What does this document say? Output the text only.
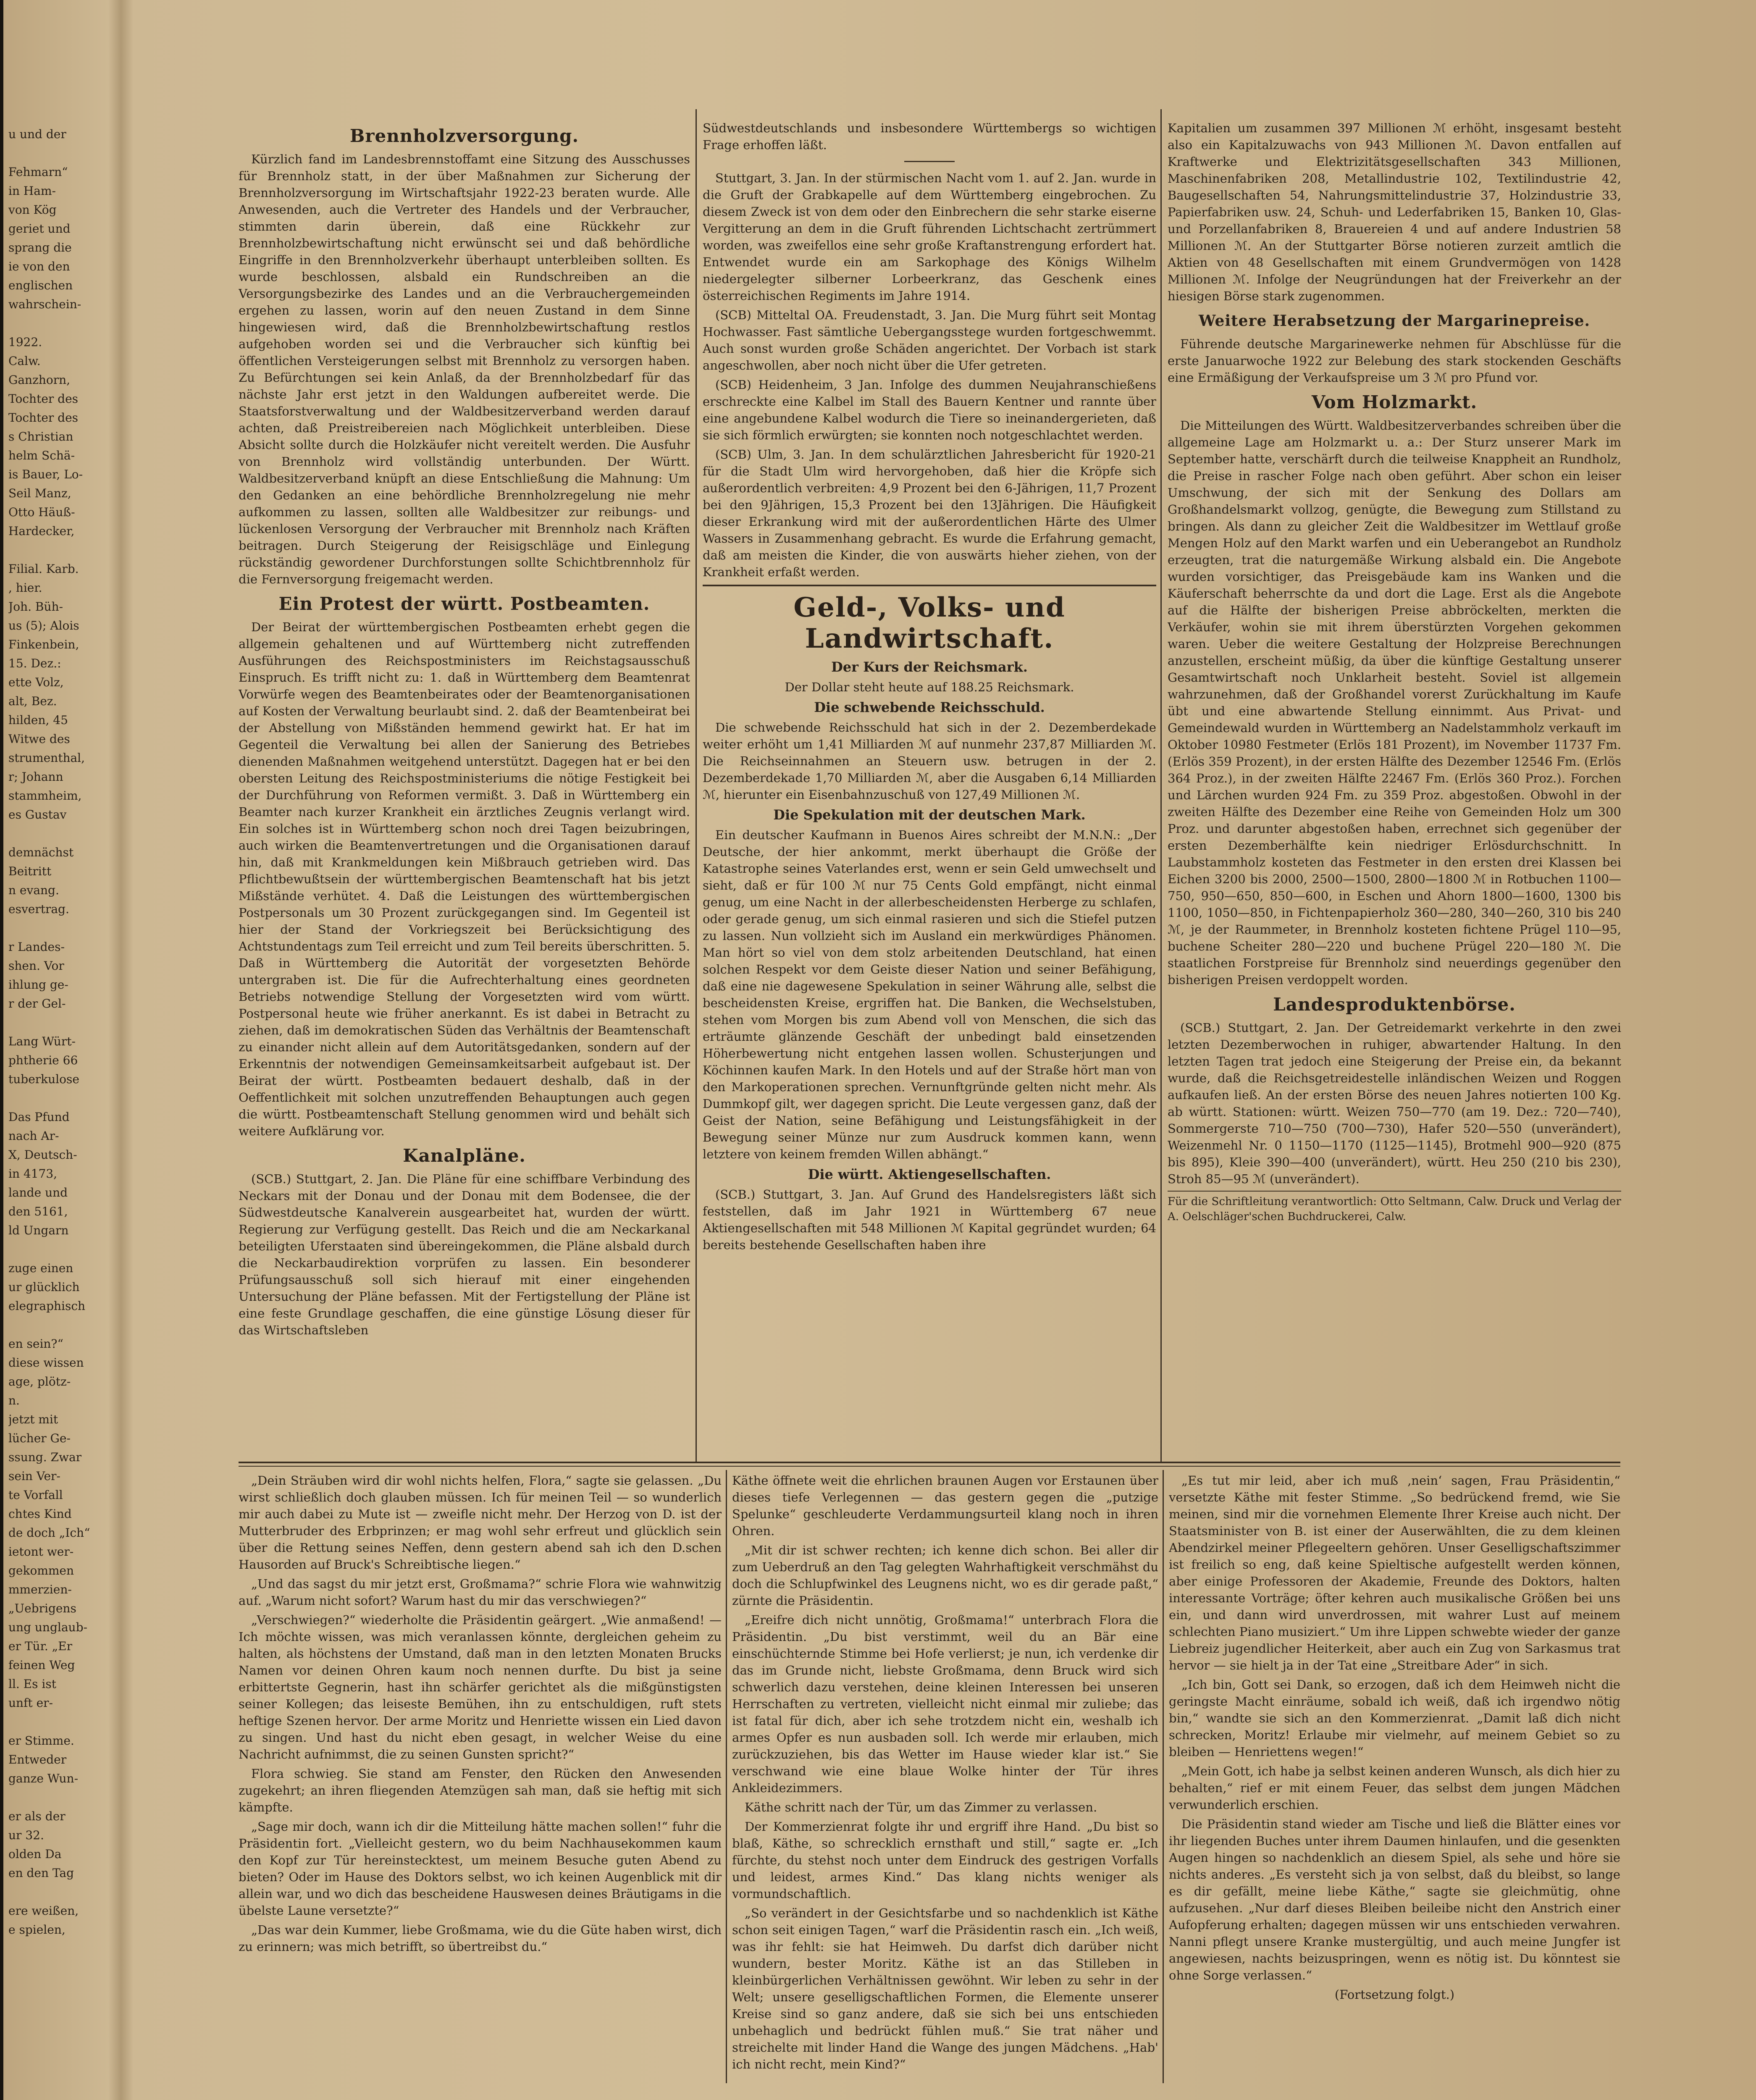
u und der

Fehmarn“

in Ham-

von Kög

geriet und

sprang die

ie von den

englischen

wahrschein-

1922.

Calw.

Ganzhorn,

Tochter des

Tochter des

s Christian

helm Schä-

is Bauer, Lo-

Seil Manz,

Otto Häuß-

Hardecker,

Filial. Karb.

, hier.

Joh. Büh-

us (5); Alois

Finkenbein,

15. Dez.:

ette Volz,

alt, Bez.

hilden, 45

Witwe des

strumenthal,

r; Johann

stammheim,

es Gustav

demnächst

Beitritt

n evang.

esvertrag.

r Landes-

shen. Vor

ihlung ge-

r der Gel-

Lang Würt-

phtherie 66

tuberkulose

Das Pfund

nach Ar-

X, Deutsch-

in 4173,

lande und

den 5161,

ld Ungarn

zuge einen

ur glücklich

elegraphisch

en sein?“

diese wissen

age, plötz-

n.

jetzt mit

lücher Ge-

ssung. Zwar

sein Ver-

te Vorfall

chtes Kind

de doch „Ich“

ietont wer-

gekommen

mmerzien-

„Uebrigens

ung unglaub-

er Tür. „Er

feinen Weg

ll. Es ist

unft er-

er Stimme.

Entweder

ganze Wun-

er als der

ur 32.

olden Da

en den Tag

ere weißen,

e spielen,

Brennholzversorgung.

Kürzlich fand im Landesbrennstoffamt eine Sitzung des Ausschusses für Brennholz statt, in der über Maßnahmen zur Sicherung der Brennholzversorgung im Wirtschaftsjahr 1922-23 beraten wurde. Alle Anwesenden, auch die Vertreter des Handels und der Verbraucher, stimmten darin überein, daß eine Rückkehr zur Brennholzbewirtschaftung nicht erwünscht sei und daß behördliche Eingriffe in den Brennholzverkehr überhaupt unterbleiben sollten. Es wurde beschlossen, alsbald ein Rundschreiben an die Versorgungsbezirke des Landes und an die Verbrauchergemeinden ergehen zu lassen, worin auf den neuen Zustand in dem Sinne hingewiesen wird, daß die Brennholzbewirtschaftung restlos aufgehoben worden sei und die Verbraucher sich künftig bei öffentlichen Versteigerungen selbst mit Brennholz zu versorgen haben. Zu Befürchtungen sei kein Anlaß, da der Brennholzbedarf für das nächste Jahr erst jetzt in den Waldungen aufbereitet werde. Die Staatsforstverwaltung und der Waldbesitzerverband werden darauf achten, daß Preistreibereien nach Möglichkeit unterbleiben. Diese Absicht sollte durch die Holzkäufer nicht vereitelt werden. Die Ausfuhr von Brennholz wird vollständig unterbunden. Der Württ. Waldbesitzerverband knüpft an diese Entschließung die Mahnung: Um den Gedanken an eine behördliche Brennholzregelung nie mehr aufkommen zu lassen, sollten alle Waldbesitzer zur reibungs- und lückenlosen Versorgung der Verbraucher mit Brennholz nach Kräften beitragen. Durch Steigerung der Reisigschläge und Einlegung rückständig gewordener Durchforstungen sollte Schichtbrennholz für die Fernversorgung freigemacht werden.

Ein Protest der württ. Postbeamten.

Der Beirat der württembergischen Postbeamten erhebt gegen die allgemein gehaltenen und auf Württemberg nicht zutreffenden Ausführungen des Reichspostministers im Reichstagsausschuß Einspruch. Es trifft nicht zu: 1. daß in Württemberg dem Beamtenrat Vorwürfe wegen des Beamtenbeirates oder der Beamtenorganisationen auf Kosten der Verwaltung beurlaubt sind. 2. daß der Beamtenbeirat bei der Abstellung von Mißständen hemmend gewirkt hat. Er hat im Gegenteil die Verwaltung bei allen der Sanierung des Betriebes dienenden Maßnahmen weitgehend unterstützt. Dagegen hat er bei den obersten Leitung des Reichspostministeriums die nötige Festigkeit bei der Durchführung von Reformen vermißt. 3. Daß in Württemberg ein Beamter nach kurzer Krankheit ein ärztliches Zeugnis verlangt wird. Ein solches ist in Württemberg schon noch drei Tagen beizubringen, auch wirken die Beamtenvertretungen und die Organisationen darauf hin, daß mit Krankmeldungen kein Mißbrauch getrieben wird. Das Pflichtbewußtsein der württembergischen Beamtenschaft hat bis jetzt Mißstände verhütet. 4. Daß die Leistungen des württembergischen Postpersonals um 30 Prozent zurückgegangen sind. Im Gegenteil ist hier der Stand der Vorkriegszeit bei Berücksichtigung des Achtstundentags zum Teil erreicht und zum Teil bereits überschritten. 5. Daß in Württemberg die Autorität der vorgesetzten Behörde untergraben ist. Die für die Aufrechterhaltung eines geordneten Betriebs notwendige Stellung der Vorgesetzten wird vom württ. Postpersonal heute wie früher anerkannt. Es ist dabei in Betracht zu ziehen, daß im demokratischen Süden das Verhältnis der Beamtenschaft zu einander nicht allein auf dem Autoritätsgedanken, sondern auf der Erkenntnis der notwendigen Gemeinsamkeitsarbeit aufgebaut ist. Der Beirat der württ. Postbeamten bedauert deshalb, daß in der Oeffentlichkeit mit solchen unzutreffenden Behauptungen auch gegen die württ. Postbeamtenschaft Stellung genommen wird und behält sich weitere Aufklärung vor.

Kanalpläne.

(SCB.) Stuttgart, 2. Jan. Die Pläne für eine schiffbare Verbindung des Neckars mit der Donau und der Donau mit dem Bodensee, die der Südwestdeutsche Kanalverein ausgearbeitet hat, wurden der württ. Regierung zur Verfügung gestellt. Das Reich und die am Neckarkanal beteiligten Uferstaaten sind übereingekommen, die Pläne alsbald durch die Neckarbaudirektion vorprüfen zu lassen. Ein besonderer Prüfungsausschuß soll sich hierauf mit einer eingehenden Untersuchung der Pläne befassen. Mit der Fertigstellung der Pläne ist eine feste Grundlage geschaffen, die eine günstige Lösung dieser für das Wirtschaftsleben

Südwestdeutschlands und insbesondere Württembergs so wichtigen Frage erhoffen läßt.

Stuttgart, 3. Jan. In der stürmischen Nacht vom 1. auf 2. Jan. wurde in die Gruft der Grabkapelle auf dem Württemberg eingebrochen. Zu diesem Zweck ist von dem oder den Einbrechern die sehr starke eiserne Vergitterung an dem in die Gruft führenden Lichtschacht zertrümmert worden, was zweifellos eine sehr große Kraftanstrengung erfordert hat. Entwendet wurde ein am Sarkophage des Königs Wilhelm niedergelegter silberner Lorbeerkranz, das Geschenk eines österreichischen Regiments im Jahre 1914.

(SCB) Mitteltal OA. Freudenstadt, 3. Jan. Die Murg führt seit Montag Hochwasser. Fast sämtliche Uebergangsstege wurden fortgeschwemmt. Auch sonst wurden große Schäden angerichtet. Der Vorbach ist stark angeschwollen, aber noch nicht über die Ufer getreten.

(SCB) Heidenheim, 3 Jan. Infolge des dummen Neujahranschießens erschreckte eine Kalbel im Stall des Bauern Kentner und rannte über eine angebundene Kalbel wodurch die Tiere so ineinandergerieten, daß sie sich förmlich erwürgten; sie konnten noch notgeschlachtet werden.

(SCB) Ulm, 3. Jan. In dem schulärztlichen Jahresbericht für 1920-21 für die Stadt Ulm wird hervorgehoben, daß hier die Kröpfe sich außerordentlich verbreiten: 4,9 Prozent bei den 6-Jährigen, 11,7 Prozent bei den 9Jährigen, 15,3 Prozent bei den 13Jährigen. Die Häufigkeit dieser Erkrankung wird mit der außerordentlichen Härte des Ulmer Wassers in Zusammenhang gebracht. Es wurde die Erfahrung gemacht, daß am meisten die Kinder, die von auswärts hieher ziehen, von der Krankheit erfaßt werden.

Geld-, Volks- und Landwirtschaft.
Der Kurs der Reichsmark.

Der Dollar steht heute auf 188.25 Reichsmark.

Die schwebende Reichsschuld.

Die schwebende Reichsschuld hat sich in der 2. Dezemberdekade weiter erhöht um 1,41 Milliarden ℳ auf nunmehr 237,87 Milliarden ℳ. Die Reichseinnahmen an Steuern usw. betrugen in der 2. Dezemberdekade 1,70 Milliarden ℳ, aber die Ausgaben 6,14 Milliarden ℳ, hierunter ein Eisenbahnzuschuß von 127,49 Millionen ℳ.

Die Spekulation mit der deutschen Mark.

Ein deutscher Kaufmann in Buenos Aires schreibt der M.N.N.: „Der Deutsche, der hier ankommt, merkt überhaupt die Größe der Katastrophe seines Vaterlandes erst, wenn er sein Geld umwechselt und sieht, daß er für 100 ℳ nur 75 Cents Gold empfängt, nicht einmal genug, um eine Nacht in der allerbescheidensten Herberge zu schlafen, oder gerade genug, um sich einmal rasieren und sich die Stiefel putzen zu lassen. Nun vollzieht sich im Ausland ein merkwürdiges Phänomen. Man hört so viel von dem stolz arbeitenden Deutschland, hat einen solchen Respekt vor dem Geiste dieser Nation und seiner Befähigung, daß eine nie dagewesene Spekulation in seiner Währung alle, selbst die bescheidensten Kreise, ergriffen hat. Die Banken, die Wechselstuben, stehen vom Morgen bis zum Abend voll von Menschen, die sich das erträumte glänzende Geschäft der unbedingt bald einsetzenden Höherbewertung nicht entgehen lassen wollen. Schusterjungen und Köchinnen kaufen Mark. In den Hotels und auf der Straße hört man von den Markoperationen sprechen. Vernunftgründe gelten nicht mehr. Als Dummkopf gilt, wer dagegen spricht. Die Leute vergessen ganz, daß der Geist der Nation, seine Befähigung und Leistungsfähigkeit in der Bewegung seiner Münze nur zum Ausdruck kommen kann, wenn letztere von keinem fremden Willen abhängt.“

Die württ. Aktiengesellschaften.

(SCB.) Stuttgart, 3. Jan. Auf Grund des Handelsregisters läßt sich feststellen, daß im Jahr 1921 in Württemberg 67 neue Aktiengesellschaften mit 548 Millionen ℳ Kapital gegründet wurden; 64 bereits bestehende Gesellschaften haben ihre

Kapitalien um zusammen 397 Millionen ℳ erhöht, insgesamt besteht also ein Kapitalzuwachs von 943 Millionen ℳ. Davon entfallen auf Kraftwerke und Elektrizitätsgesellschaften 343 Millionen, Maschinenfabriken 208, Metallindustrie 102, Textilindustrie 42, Baugesellschaften 54, Nahrungsmittelindustrie 37, Holzindustrie 33, Papierfabriken usw. 24, Schuh- und Lederfabriken 15, Banken 10, Glas- und Porzellanfabriken 8, Brauereien 4 und auf andere Industrien 58 Millionen ℳ. An der Stuttgarter Börse notieren zurzeit amtlich die Aktien von 48 Gesellschaften mit einem Grundvermögen von 1428 Millionen ℳ. Infolge der Neugründungen hat der Freiverkehr an der hiesigen Börse stark zugenommen.

Weitere Herabsetzung der Margarinepreise.

Führende deutsche Margarinewerke nehmen für Abschlüsse für die erste Januarwoche 1922 zur Belebung des stark stockenden Geschäfts eine Ermäßigung der Verkaufspreise um 3 ℳ pro Pfund vor.

Vom Holzmarkt.

Die Mitteilungen des Württ. Waldbesitzerverbandes schreiben über die allgemeine Lage am Holzmarkt u. a.: Der Sturz unserer Mark im September hatte, verschärft durch die teilweise Knappheit an Rundholz, die Preise in rascher Folge nach oben geführt. Aber schon ein leiser Umschwung, der sich mit der Senkung des Dollars am Großhandelsmarkt vollzog, genügte, die Bewegung zum Stillstand zu bringen. Als dann zu gleicher Zeit die Waldbesitzer im Wettlauf große Mengen Holz auf den Markt warfen und ein Ueberangebot an Rundholz erzeugten, trat die naturgemäße Wirkung alsbald ein. Die Angebote wurden vorsichtiger, das Preisgebäude kam ins Wanken und die Käuferschaft beherrschte da und dort die Lage. Erst als die Angebote auf die Hälfte der bisherigen Preise abbröckelten, merkten die Verkäufer, wohin sie mit ihrem überstürzten Vorgehen gekommen waren. Ueber die weitere Gestaltung der Holzpreise Berechnungen anzustellen, erscheint müßig, da über die künftige Gestaltung unserer Gesamtwirtschaft noch Unklarheit besteht. Soviel ist allgemein wahrzunehmen, daß der Großhandel vorerst Zurückhaltung im Kaufe übt und eine abwartende Stellung einnimmt. Aus Privat- und Gemeindewald wurden in Württemberg an Nadelstammholz verkauft im Oktober 10980 Festmeter (Erlös 181 Prozent), im November 11737 Fm. (Erlös 359 Prozent), in der ersten Hälfte des Dezember 12546 Fm. (Erlös 364 Proz.), in der zweiten Hälfte 22467 Fm. (Erlös 360 Proz.). Forchen und Lärchen wurden 924 Fm. zu 359 Proz. abgestoßen. Obwohl in der zweiten Hälfte des Dezember eine Reihe von Gemeinden Holz um 300 Proz. und darunter abgestoßen haben, errechnet sich gegenüber der ersten Dezemberhälfte kein niedriger Erlösdurchschnitt. In Laubstammholz kosteten das Festmeter in den ersten drei Klassen bei Eichen 3200 bis 2000, 2500—1500, 2800—1800 ℳ in Rotbuchen 1100—750, 950—650, 850—600, in Eschen und Ahorn 1800—1600, 1300 bis 1100, 1050—850, in Fichtenpapierholz 360—280, 340—260, 310 bis 240 ℳ, je der Raummeter, in Brennholz kosteten fichtene Prügel 110—95, buchene Scheiter 280—220 und buchene Prügel 220—180 ℳ. Die staatlichen Forstpreise für Brennholz sind neuerdings gegenüber den bisherigen Preisen verdoppelt worden.

Landesproduktenbörse.

(SCB.) Stuttgart, 2. Jan. Der Getreidemarkt verkehrte in den zwei letzten Dezemberwochen in ruhiger, abwartender Haltung. In den letzten Tagen trat jedoch eine Steigerung der Preise ein, da bekannt wurde, daß die Reichsgetreidestelle inländischen Weizen und Roggen aufkaufen ließ. An der ersten Börse des neuen Jahres notierten 100 Kg. ab württ. Stationen: württ. Weizen 750—770 (am 19. Dez.: 720—740), Sommergerste 710—750 (700—730), Hafer 520—550 (unverändert), Weizenmehl Nr. 0 1150—1170 (1125—1145), Brotmehl 900—920 (875 bis 895), Kleie 390—400 (unverändert), württ. Heu 250 (210 bis 230), Stroh 85—95 ℳ (unverändert).

Für die Schriftleitung verantwortlich: Otto Seltmann, Calw. Druck und Verlag der A. Oelschläger'schen Buchdruckerei, Calw.

„Dein Sträuben wird dir wohl nichts helfen, Flora,“ sagte sie gelassen. „Du wirst schließlich doch glauben müssen. Ich für meinen Teil — so wunderlich mir auch dabei zu Mute ist — zweifle nicht mehr. Der Herzog von D. ist der Mutterbruder des Erbprinzen; er mag wohl sehr erfreut und glücklich sein über die Rettung seines Neffen, denn gestern abend sah ich den D.schen Hausorden auf Bruck's Schreibtische liegen.“

„Und das sagst du mir jetzt erst, Großmama?“ schrie Flora wie wahnwitzig auf. „Warum nicht sofort? Warum hast du mir das verschwiegen?“

„Verschwiegen?“ wiederholte die Präsidentin geärgert. „Wie anmaßend! — Ich möchte wissen, was mich veranlassen könnte, dergleichen geheim zu halten, als höchstens der Umstand, daß man in den letzten Monaten Brucks Namen vor deinen Ohren kaum noch nennen durfte. Du bist ja seine erbittertste Gegnerin, hast ihn schärfer gerichtet als die mißgünstigsten seiner Kollegen; das leiseste Bemühen, ihn zu entschuldigen, ruft stets heftige Szenen hervor. Der arme Moritz und Henriette wissen ein Lied davon zu singen. Und hast du nicht eben gesagt, in welcher Weise du eine Nachricht aufnimmst, die zu seinen Gunsten spricht?“

Flora schwieg. Sie stand am Fenster, den Rücken den Anwesenden zugekehrt; an ihren fliegenden Atemzügen sah man, daß sie heftig mit sich kämpfte.

„Sage mir doch, wann ich dir die Mitteilung hätte machen sollen!“ fuhr die Präsidentin fort. „Vielleicht gestern, wo du beim Nachhausekommen kaum den Kopf zur Tür hereinstecktest, um meinem Besuche guten Abend zu bieten? Oder im Hause des Doktors selbst, wo ich keinen Augenblick mit dir allein war, und wo dich das bescheidene Hauswesen deines Bräutigams in die übelste Laune versetzte?“

„Das war dein Kummer, liebe Großmama, wie du die Güte haben wirst, dich zu erinnern; was mich betrifft, so übertreibst du.“

Käthe öffnete weit die ehrlichen braunen Augen vor Erstaunen über dieses tiefe Verlegennen — das gestern gegen die „putzige Spelunke“ geschleuderte Verdammungsurteil klang noch in ihren Ohren.

„Mit dir ist schwer rechten; ich kenne dich schon. Bei aller dir zum Ueberdruß an den Tag gelegten Wahrhaftigkeit verschmähst du doch die Schlupfwinkel des Leugnens nicht, wo es dir gerade paßt,“ zürnte die Präsidentin.

„Ereifre dich nicht unnötig, Großmama!“ unterbrach Flora die Präsidentin. „Du bist verstimmt, weil du an Bär eine einschüchternde Stimme bei Hofe verlierst; je nun, ich verdenke dir das im Grunde nicht, liebste Großmama, denn Bruck wird sich schwerlich dazu verstehen, deine kleinen Interessen bei unseren Herrschaften zu vertreten, vielleicht nicht einmal mir zuliebe; das ist fatal für dich, aber ich sehe trotzdem nicht ein, weshalb ich armes Opfer es nun ausbaden soll. Ich werde mir erlauben, mich zurückzuziehen, bis das Wetter im Hause wieder klar ist.“ Sie verschwand wie eine blaue Wolke hinter der Tür ihres Ankleidezimmers.

Käthe schritt nach der Tür, um das Zimmer zu verlassen.

Der Kommerzienrat folgte ihr und ergriff ihre Hand. „Du bist so blaß, Käthe, so schrecklich ernsthaft und still,“ sagte er. „Ich fürchte, du stehst noch unter dem Eindruck des gestrigen Vorfalls und leidest, armes Kind.“ Das klang nichts weniger als vormundschaftlich.

„So verändert in der Gesichtsfarbe und so nachdenklich ist Käthe schon seit einigen Tagen,“ warf die Präsidentin rasch ein. „Ich weiß, was ihr fehlt: sie hat Heimweh. Du darfst dich darüber nicht wundern, bester Moritz. Käthe ist an das Stilleben in kleinbürgerlichen Verhältnissen gewöhnt. Wir leben zu sehr in der Welt; unsere geselligschaftlichen Formen, die Elemente unserer Kreise sind so ganz andere, daß sie sich bei uns entschieden unbehaglich und bedrückt fühlen muß.“ Sie trat näher und streichelte mit linder Hand die Wange des jungen Mädchens. „Hab' ich nicht recht, mein Kind?“

„Es tut mir leid, aber ich muß ‚nein‘ sagen, Frau Präsidentin,“ versetzte Käthe mit fester Stimme. „So bedrückend fremd, wie Sie meinen, sind mir die vornehmen Elemente Ihrer Kreise auch nicht. Der Staatsminister von B. ist einer der Auserwählten, die zu dem kleinen Abendzirkel meiner Pflegeeltern gehören. Unser Geselligschaftszimmer ist freilich so eng, daß keine Spieltische aufgestellt werden können, aber einige Professoren der Akademie, Freunde des Doktors, halten interessante Vorträge; öfter kehren auch musikalische Größen bei uns ein, und dann wird unverdrossen, mit wahrer Lust auf meinem schlechten Piano musiziert.“ Um ihre Lippen schwebte wieder der ganze Liebreiz jugendlicher Heiterkeit, aber auch ein Zug von Sarkasmus trat hervor — sie hielt ja in der Tat eine „Streitbare Ader“ in sich.

„Ich bin, Gott sei Dank, so erzogen, daß ich dem Heimweh nicht die geringste Macht einräume, sobald ich weiß, daß ich irgendwo nötig bin,“ wandte sie sich an den Kommerzienrat. „Damit laß dich nicht schrecken, Moritz! Erlaube mir vielmehr, auf meinem Gebiet so zu bleiben — Henriettens wegen!“

„Mein Gott, ich habe ja selbst keinen anderen Wunsch, als dich hier zu behalten,“ rief er mit einem Feuer, das selbst dem jungen Mädchen verwunderlich erschien.

Die Präsidentin stand wieder am Tische und ließ die Blätter eines vor ihr liegenden Buches unter ihrem Daumen hinlaufen, und die gesenkten Augen hingen so nachdenklich an diesem Spiel, als sehe und höre sie nichts anderes. „Es versteht sich ja von selbst, daß du bleibst, so lange es dir gefällt, meine liebe Käthe,“ sagte sie gleichmütig, ohne aufzusehen. „Nur darf dieses Bleiben beileibe nicht den Anstrich einer Aufopferung erhalten; dagegen müssen wir uns entschieden verwahren. Nanni pflegt unsere Kranke mustergültig, und auch meine Jungfer ist angewiesen, nachts beizuspringen, wenn es nötig ist. Du könntest sie ohne Sorge verlassen.“

(Fortsetzung folgt.)
